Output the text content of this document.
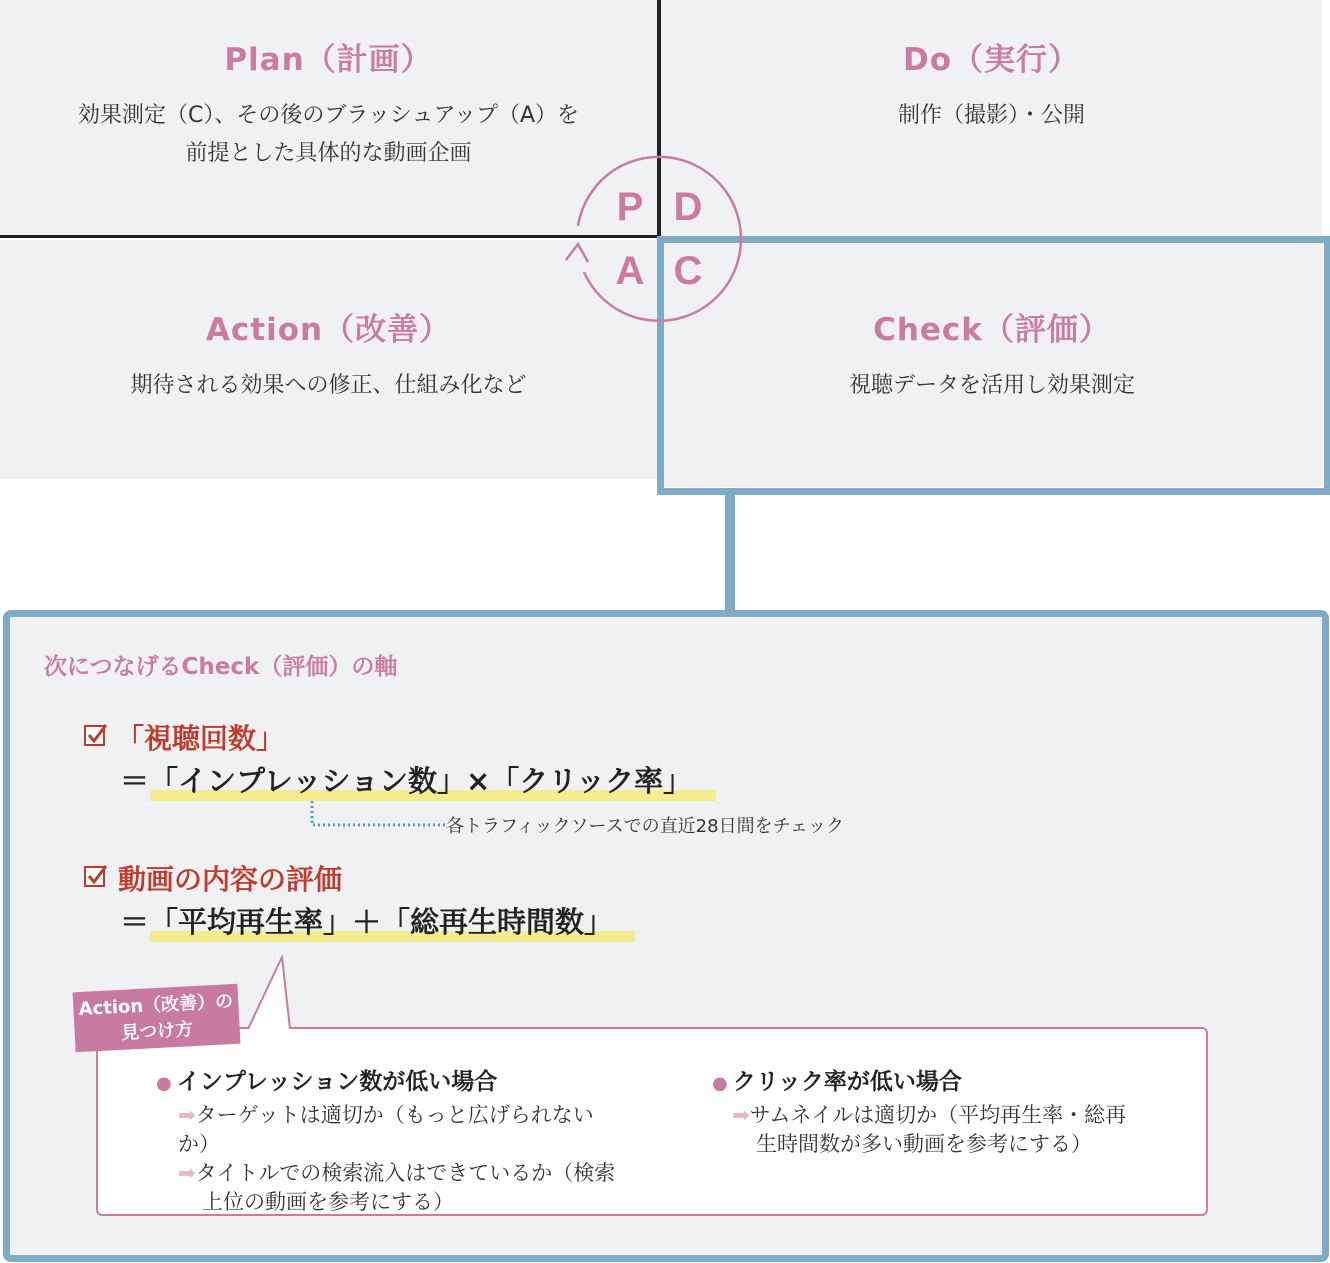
Plan（計画）
効果測定（C）、その後のブラッシュアップ（A）を
前提とした具体的な動画企画
Do（実行）
制作（撮影）・公開
Action（改善）
期待される効果への修正、仕組み化など
Check（評価）
視聴データを活用し効果測定
P D
A C
次につなげるCheck（評価）の軸
「視聴回数」
＝「インプレッション数」×「クリック率」
各トラフィックソースでの直近28日間をチェック
動画の内容の評価
＝「平均再生率」＋「総再生時間数」
Action（改善）の
見つけ方
● インプレッション数が低い場合
➡ターゲットは適切か（もっと広げられないか）
➡タイトルでの検索流入はできているか（検索上位の動画を参考にする）
● クリック率が低い場合
➡サムネイルは適切か（平均再生率・総再生時間数が多い動画を参考にする）
